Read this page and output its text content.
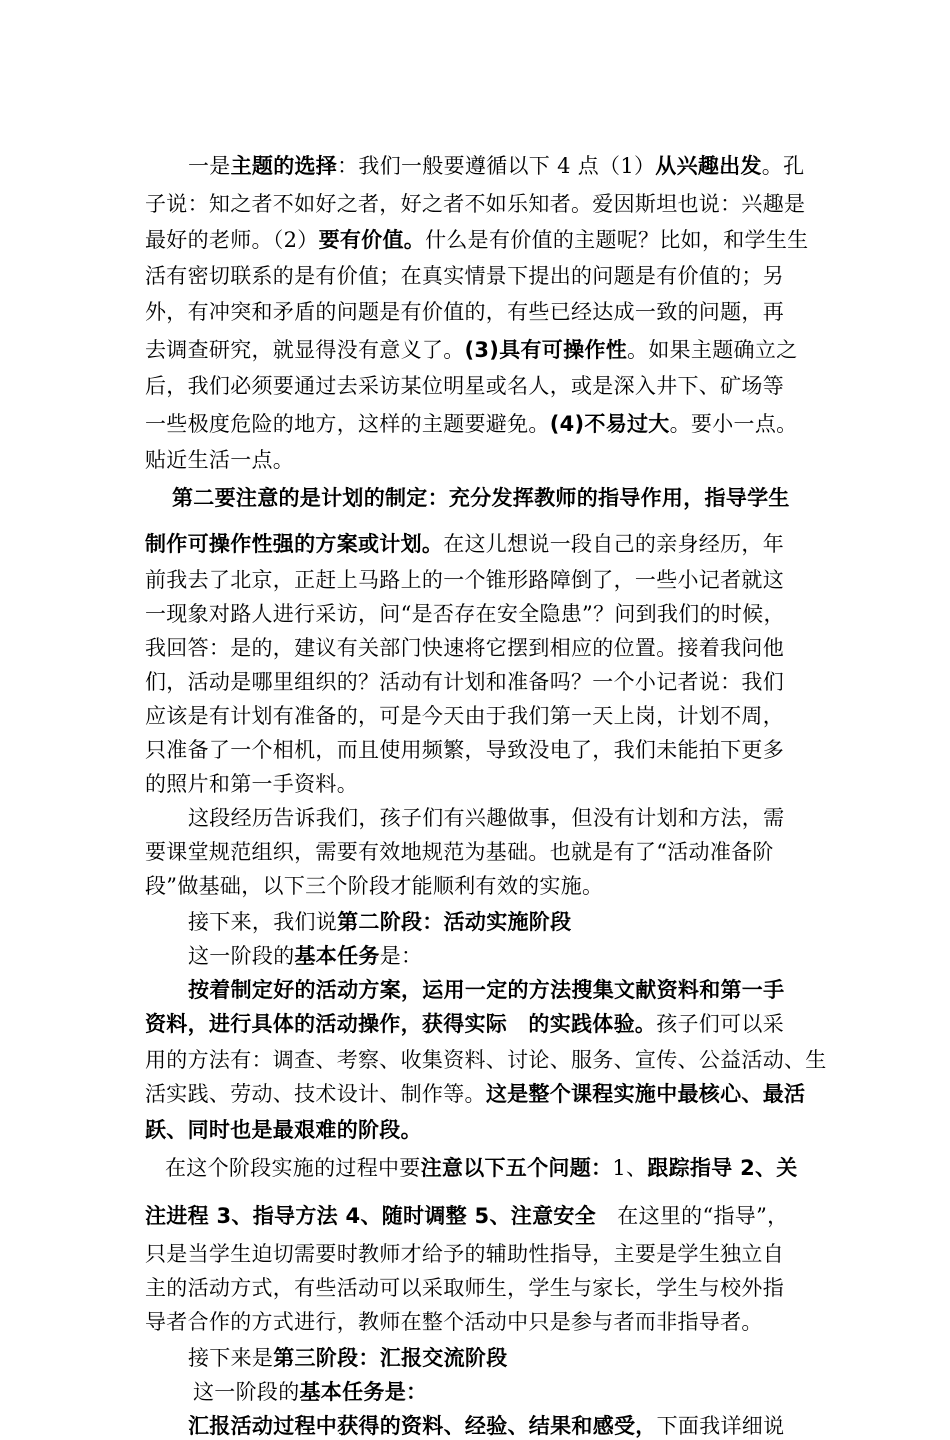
一是主题的选择：我们一般要遵循以下 4 点（1）从兴趣出发。孔
子说：知之者不如好之者，好之者不如乐知者。爱因斯坦也说：兴趣是
最好的老师。（2）要有价值。什么是有价值的主题呢？比如，和学生生
活有密切联系的是有价值；在真实情景下提出的问题是有价值的；另
外，有冲突和矛盾的问题是有价值的，有些已经达成一致的问题，再
去调查研究，就显得没有意义了。(3)具有可操作性。如果主题确立之
后，我们必须要通过去采访某位明星或名人，或是深入井下、矿场等
一些极度危险的地方，这样的主题要避免。(4)不易过大。要小一点。
贴近生活一点。
第二要注意的是计划的制定：充分发挥教师的指导作用，指导学生
制作可操作性强的方案或计划。在这儿想说一段自己的亲身经历，年
前我去了北京，正赶上马路上的一个锥形路障倒了，一些小记者就这
一现象对路人进行采访，问“是否存在安全隐患”？问到我们的时候，
我回答：是的，建议有关部门快速将它摆到相应的位置。接着我问他
们，活动是哪里组织的？活动有计划和准备吗？一个小记者说：我们
应该是有计划有准备的，可是今天由于我们第一天上岗，计划不周，
只准备了一个相机，而且使用频繁，导致没电了，我们未能拍下更多
的照片和第一手资料。
这段经历告诉我们，孩子们有兴趣做事，但没有计划和方法，需
要课堂规范组织，需要有效地规范为基础。也就是有了“活动准备阶
段”做基础，以下三个阶段才能顺利有效的实施。
接下来，我们说第二阶段：活动实施阶段
这一阶段的基本任务是：
按着制定好的活动方案，运用一定的方法搜集文献资料和第一手
资料，进行具体的活动操作，获得实际　的实践体验。孩子们可以采
用的方法有：调查、考察、收集资料、讨论、服务、宣传、公益活动、生
活实践、劳动、技术设计、制作等。这是整个课程实施中最核心、最活
跃、同时也是最艰难的阶段。
在这个阶段实施的过程中要注意以下五个问题：1、跟踪指导 2、关
注进程 3、指导方法 4、随时调整 5、注意安全　在这里的“指导”，
只是当学生迫切需要时教师才给予的辅助性指导，主要是学生独立自
主的活动方式，有些活动可以采取师生，学生与家长，学生与校外指
导者合作的方式进行，教师在整个活动中只是参与者而非指导者。
接下来是第三阶段：汇报交流阶段
这一阶段的基本任务是：
汇报活动过程中获得的资料、经验、结果和感受，下面我详细说
